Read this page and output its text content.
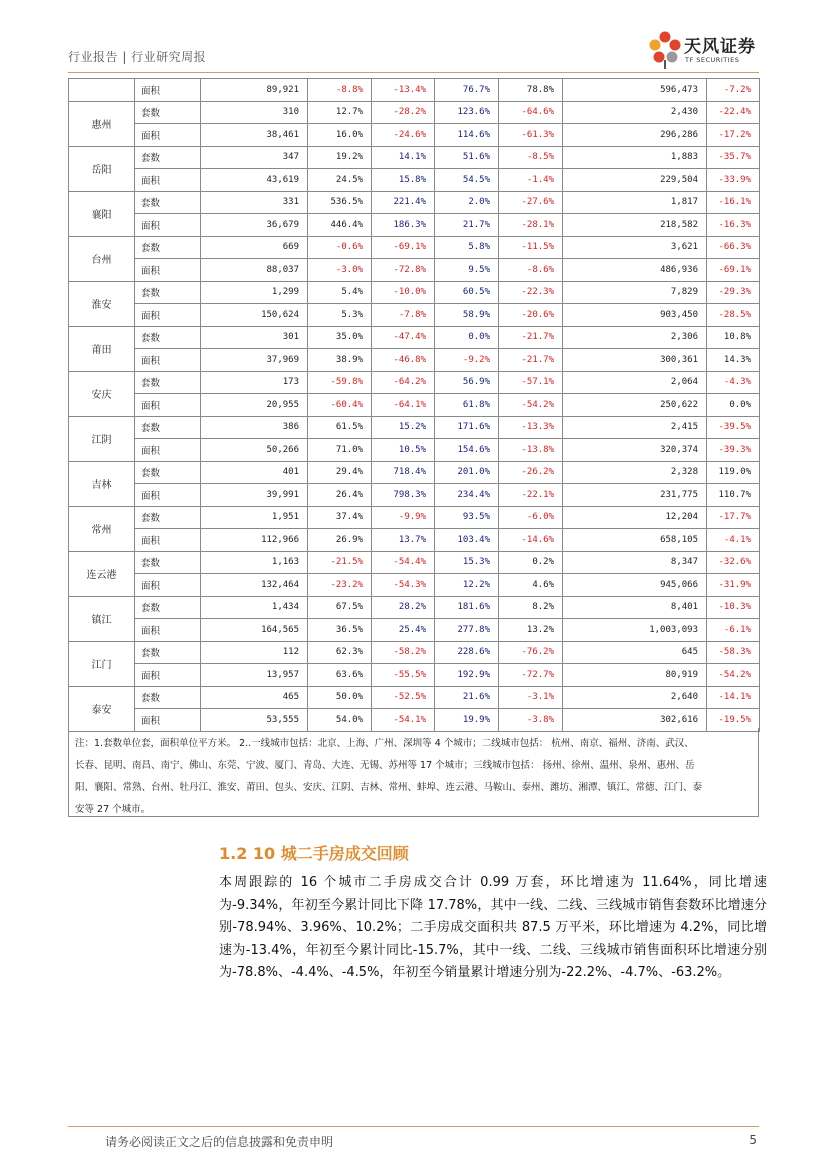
行业报告 | 行业研究周报	天风证券
TF SECURITIES
	面积	89,921	-8.8%	-13.4%	76.7%	78.8%	596,473	-7.2%
惠州	套数	310	12.7%	-28.2%	123.6%	-64.6%	2,430	-22.4%
	面积	38,461	16.0%	-24.6%	114.6%	-61.3%	296,286	-17.2%
岳阳	套数	347	19.2%	14.1%	51.6%	-8.5%	1,883	-35.7%
	面积	43,619	24.5%	15.8%	54.5%	-1.4%	229,504	-33.9%
襄阳	套数	331	536.5%	221.4%	2.0%	-27.6%	1,817	-16.1%
	面积	36,679	446.4%	186.3%	21.7%	-28.1%	218,582	-16.3%
台州	套数	669	-0.6%	-69.1%	5.8%	-11.5%	3,621	-66.3%
	面积	88,037	-3.0%	-72.8%	9.5%	-8.6%	486,936	-69.1%
淮安	套数	1,299	5.4%	-10.0%	60.5%	-22.3%	7,829	-29.3%
	面积	150,624	5.3%	-7.8%	58.9%	-20.6%	903,450	-28.5%
莆田	套数	301	35.0%	-47.4%	0.0%	-21.7%	2,306	10.8%
	面积	37,969	38.9%	-46.8%	-9.2%	-21.7%	300,361	14.3%
安庆	套数	173	-59.8%	-64.2%	56.9%	-57.1%	2,064	-4.3%
	面积	20,955	-60.4%	-64.1%	61.8%	-54.2%	250,622	0.0%
江阴	套数	386	61.5%	15.2%	171.6%	-13.3%	2,415	-39.5%
	面积	50,266	71.0%	10.5%	154.6%	-13.8%	320,374	-39.3%
吉林	套数	401	29.4%	718.4%	201.0%	-26.2%	2,328	119.0%
	面积	39,991	26.4%	798.3%	234.4%	-22.1%	231,775	110.7%
常州	套数	1,951	37.4%	-9.9%	93.5%	-6.0%	12,204	-17.7%
	面积	112,966	26.9%	13.7%	103.4%	-14.6%	658,105	-4.1%
连云港	套数	1,163	-21.5%	-54.4%	15.3%	0.2%	8,347	-32.6%
	面积	132,464	-23.2%	-54.3%	12.2%	4.6%	945,066	-31.9%
镇江	套数	1,434	67.5%	28.2%	181.6%	8.2%	8,401	-10.3%
	面积	164,565	36.5%	25.4%	277.8%	13.2%	1,003,093	-6.1%
江门	套数	112	62.3%	-58.2%	228.6%	-76.2%	645	-58.3%
	面积	13,957	63.6%	-55.5%	192.9%	-72.7%	80,919	-54.2%
泰安	套数	465	50.0%	-52.5%	21.6%	-3.1%	2,640	-14.1%
	面积	53,555	54.0%	-54.1%	19.9%	-3.8%	302,616	-19.5%
注：1.套数单位套，面积单位平方米。 2..一线城市包括：北京、上海、广州、深圳等 4 个城市；二线城市包括： 杭州、南京、福州、济南、武汉、
长春、昆明、南昌、南宁、佛山、东莞、宁波、厦门、青岛、大连、无锡、苏州等 17 个城市；三线城市包括： 扬州、徐州、温州、泉州、惠州、岳
阳、襄阳、常熟、台州、牡丹江、淮安、莆田、包头、安庆、江阴、吉林、常州、蚌埠、连云港、马鞍山、泰州、潍坊、湘潭、镇江、常德、江门、泰
安等 27 个城市。
1.2 10 城二手房成交回顾
本周跟踪的 16 个城市二手房成交合计 0.99 万套，环比增速为 11.64%，同比增速为-9.34%，年初至今累计同比下降 17.78%，其中一线、二线、三线城市销售套数环比增速分别-78.94%、3.96%、10.2%；二手房成交面积共 87.5 万平米，环比增速为 4.2%，同比增速为-13.4%，年初至今累计同比-15.7%，其中一线、二线、三线城市销售面积环比增速分别为-78.8%、-4.4%、-4.5%，年初至今销量累计增速分别为-22.2%、-4.7%、-63.2%。
请务必阅读正文之后的信息披露和免责申明	5
